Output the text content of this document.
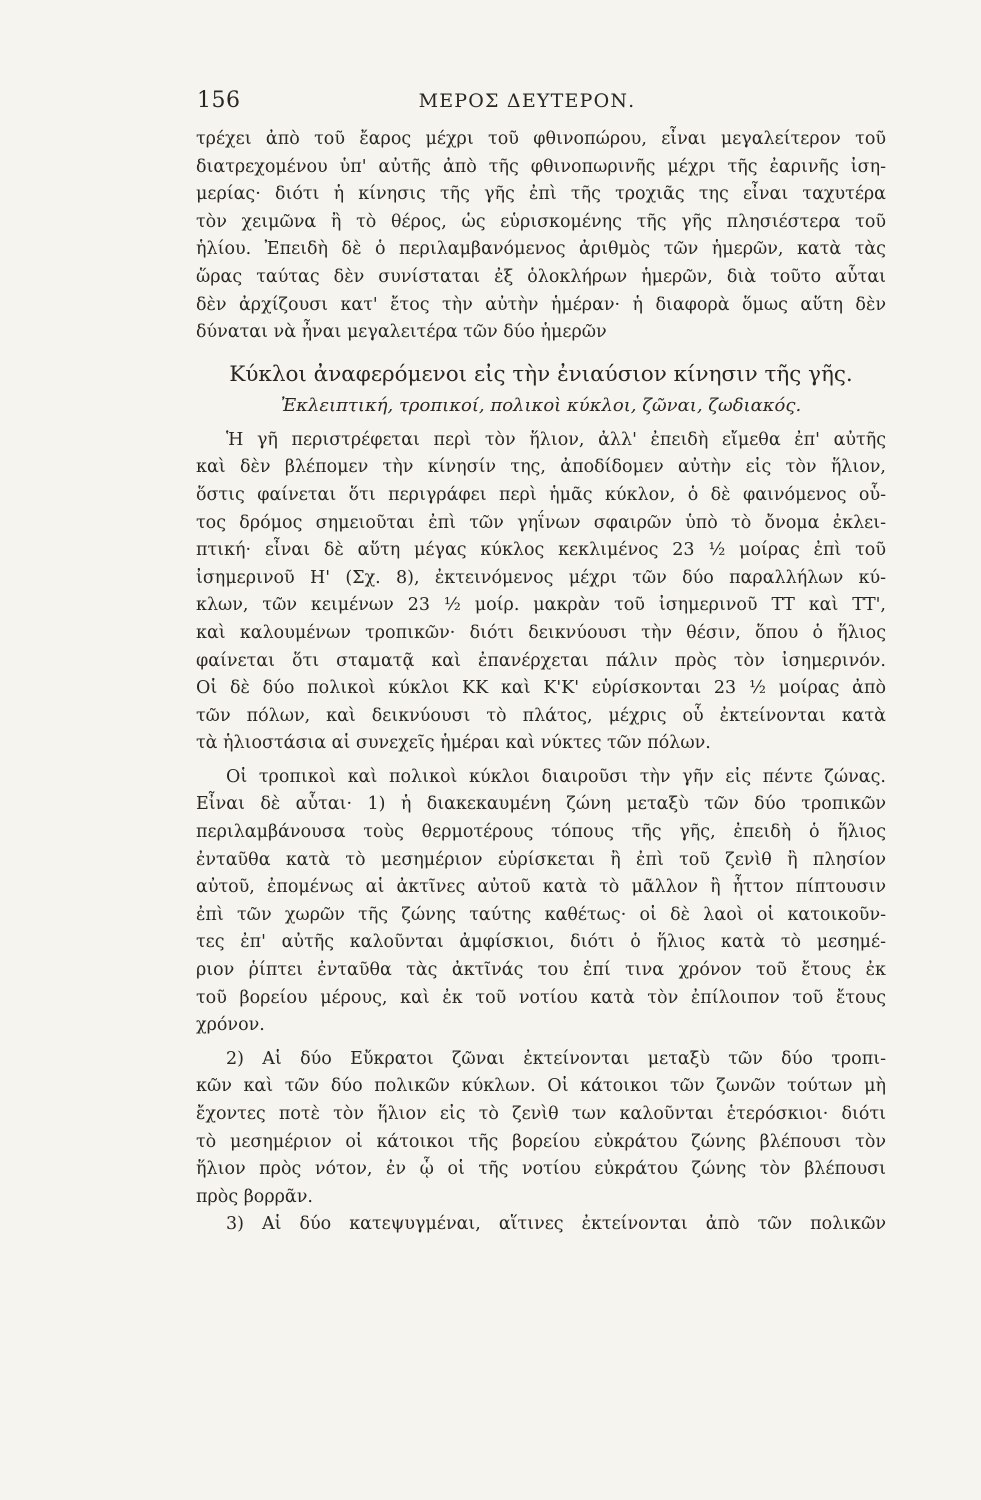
156	ΜΕΡΟΣ ΔΕΥΤΕΡΟΝ.
τρέχει ἀπὸ τοῦ ἔαρος μέχρι τοῦ φθινοπώρου, εἶναι μεγαλείτερον τοῦ
διατρεχομένου ὑπ' αὐτῆς ἀπὸ τῆς φθινοπωρινῆς μέχρι τῆς ἐαρινῆς ἰση-
μερίας· διότι ἡ κίνησις τῆς γῆς ἐπὶ τῆς τροχιᾶς της εἶναι ταχυτέρα
τὸν χειμῶνα ἢ τὸ θέρος, ὡς εὑρισκομένης τῆς γῆς πλησιέστερα τοῦ
ἡλίου. Ἐπειδὴ δὲ ὁ περιλαμβανόμενος ἀριθμὸς τῶν ἡμερῶν, κατὰ τὰς
ὥρας ταύτας δὲν συνίσταται ἐξ ὁλοκλήρων ἡμερῶν, διὰ τοῦτο αὗται
δὲν ἀρχίζουσι κατ' ἔτος τὴν αὐτὴν ἡμέραν· ἡ διαφορὰ ὅμως αὕτη δὲν
δύναται νὰ ἦναι μεγαλειτέρα τῶν δύο ἡμερῶν
Κύκλοι ἀναφερόμενοι εἰς τὴν ἐνιαύσιον κίνησιν τῆς γῆς.
Ἐκλειπτική, τροπικοί, πολικοὶ κύκλοι, ζῶναι, ζωδιακός.
Ἡ γῆ περιστρέφεται περὶ τὸν ἥλιον, ἀλλ' ἐπειδὴ εἴμεθα ἐπ' αὐτῆς
καὶ δὲν βλέπομεν τὴν κίνησίν της, ἀποδίδομεν αὐτὴν εἰς τὸν ἥλιον,
ὅστις φαίνεται ὅτι περιγράφει περὶ ἡμᾶς κύκλον, ὁ δὲ φαινόμενος οὗ-
τος δρόμος σημειοῦται ἐπὶ τῶν γηΐνων σφαιρῶν ὑπὸ τὸ ὄνομα ἐκλει-
πτική· εἶναι δὲ αὕτη μέγας κύκλος κεκλιμένος 23 ½ μοίρας ἐπὶ τοῦ
ἰσημερινοῦ Η' (Σχ. 8), ἐκτεινόμενος μέχρι τῶν δύο παραλλήλων κύ-
κλων, τῶν κειμένων 23 ½ μοίρ. μακρὰν τοῦ ἰσημερινοῦ ΤΤ καὶ ΤΤ',
καὶ καλουμένων τροπικῶν· διότι δεικνύουσι τὴν θέσιν, ὅπου ὁ ἥλιος
φαίνεται ὅτι σταματᾷ καὶ ἐπανέρχεται πάλιν πρὸς τὸν ἰσημερινόν.
Οἱ δὲ δύο πολικοὶ κύκλοι ΚΚ καὶ Κ'Κ' εὑρίσκονται 23 ½ μοίρας ἀπὸ
τῶν πόλων, καὶ δεικνύουσι τὸ πλάτος, μέχρις οὗ ἐκτείνονται κατὰ
τὰ ἡλιοστάσια αἱ συνεχεῖς ἡμέραι καὶ νύκτες τῶν πόλων.
Οἱ τροπικοὶ καὶ πολικοὶ κύκλοι διαιροῦσι τὴν γῆν εἰς πέντε ζώνας.
Εἶναι δὲ αὗται· 1) ἡ διακεκαυμένη ζώνη μεταξὺ τῶν δύο τροπικῶν
περιλαμβάνουσα τοὺς θερμοτέρους τόπους τῆς γῆς, ἐπειδὴ ὁ ἥλιος
ἐνταῦθα κατὰ τὸ μεσημέριον εὑρίσκεται ἢ ἐπὶ τοῦ ζενὶθ ἢ πλησίον
αὐτοῦ, ἐπομένως αἱ ἀκτῖνες αὐτοῦ κατὰ τὸ μᾶλλον ἢ ἧττον πίπτουσιν
ἐπὶ τῶν χωρῶν τῆς ζώνης ταύτης καθέτως· οἱ δὲ λαοὶ οἱ κατοικοῦν-
τες ἐπ' αὐτῆς καλοῦνται ἀμφίσκιοι, διότι ὁ ἥλιος κατὰ τὸ μεσημέ-
ριον ῥίπτει ἐνταῦθα τὰς ἀκτῖνάς του ἐπί τινα χρόνον τοῦ ἔτους ἐκ
τοῦ βορείου μέρους, καὶ ἐκ τοῦ νοτίου κατὰ τὸν ἐπίλοιπον τοῦ ἔτους
χρόνον.
2) Αἱ δύο Εὔκρατοι ζῶναι ἐκτείνονται μεταξὺ τῶν δύο τροπι-
κῶν καὶ τῶν δύο πολικῶν κύκλων. Οἱ κάτοικοι τῶν ζωνῶν τούτων μὴ
ἔχοντες ποτὲ τὸν ἥλιον εἰς τὸ ζενὶθ των καλοῦνται ἑτερόσκιοι· διότι
τὸ μεσημέριον οἱ κάτοικοι τῆς βορείου εὐκράτου ζώνης βλέπουσι τὸν
ἥλιον πρὸς νότον, ἐν ᾧ οἱ τῆς νοτίου εὐκράτου ζώνης τὸν βλέπουσι
πρὸς βορρᾶν.
3) Αἱ δύο κατεψυγμέναι, αἵτινες ἐκτείνονται ἀπὸ τῶν πολικῶν
